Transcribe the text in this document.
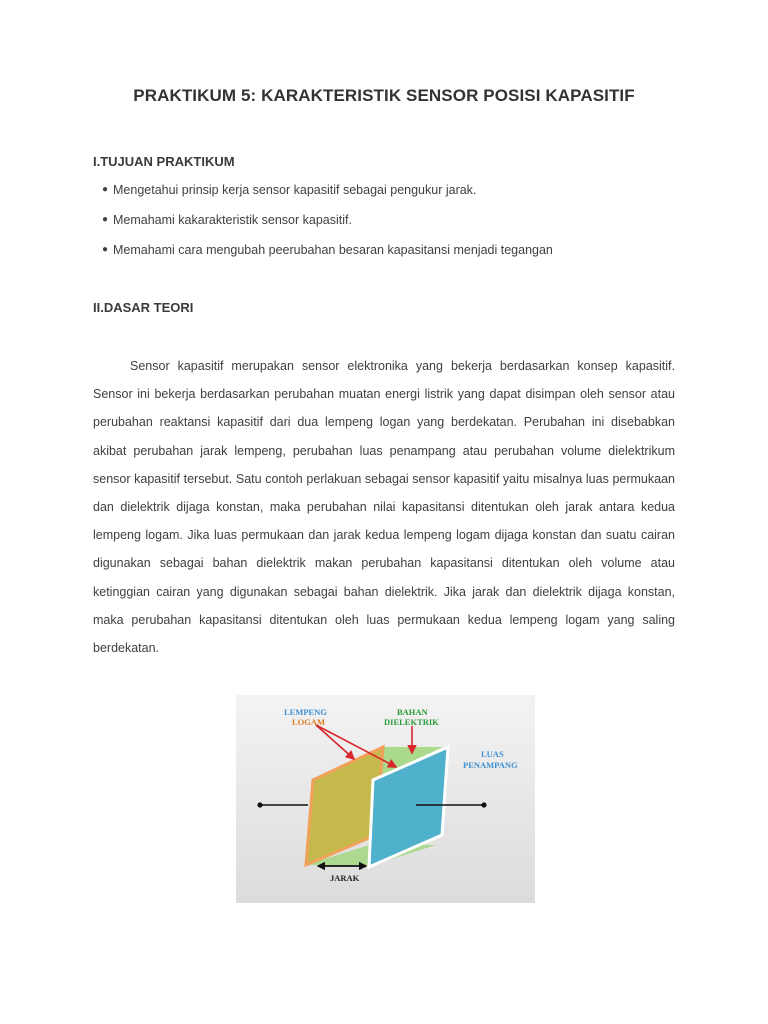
PRAKTIKUM 5: KARAKTERISTIK SENSOR POSISI KAPASITIF
I.TUJUAN PRAKTIKUM
● Mengetahui prinsip kerja sensor kapasitif sebagai pengukur jarak.
● Memahami kakarakteristik sensor kapasitif.
● Memahami cara mengubah peerubahan besaran kapasitansi menjadi tegangan
II.DASAR TEORI

Sensor kapasitif merupakan sensor elektronika yang bekerja berdasarkan konsep kapasitif. Sensor ini bekerja berdasarkan perubahan muatan energi listrik yang dapat disimpan oleh sensor atau perubahan reaktansi kapasitif dari dua lempeng logan yang berdekatan. Perubahan ini disebabkan akibat perubahan jarak lempeng, perubahan luas penampang atau perubahan volume dielektrikum sensor kapasitif tersebut. Satu contoh perlakuan sebagai sensor kapasitif yaitu misalnya luas permukaan dan dielektrik dijaga konstan, maka perubahan nilai kapasitansi ditentukan oleh jarak antara kedua lempeng logam. Jika luas permukaan dan jarak kedua lempeng logam dijaga konstan dan suatu cairan digunakan sebagai bahan dielektrik makan perubahan kapasitansi ditentukan oleh volume atau ketinggian cairan yang digunakan sebagai bahan dielektrik. Jika jarak dan dielektrik dijaga konstan, maka perubahan kapasitansi ditentukan oleh luas permukaan kedua lempeng logam yang saling berdekatan.

LEMPENG
LOGAM
BAHAN
DIELEKTRIK
LUAS
PENAMPANG
JARAK
